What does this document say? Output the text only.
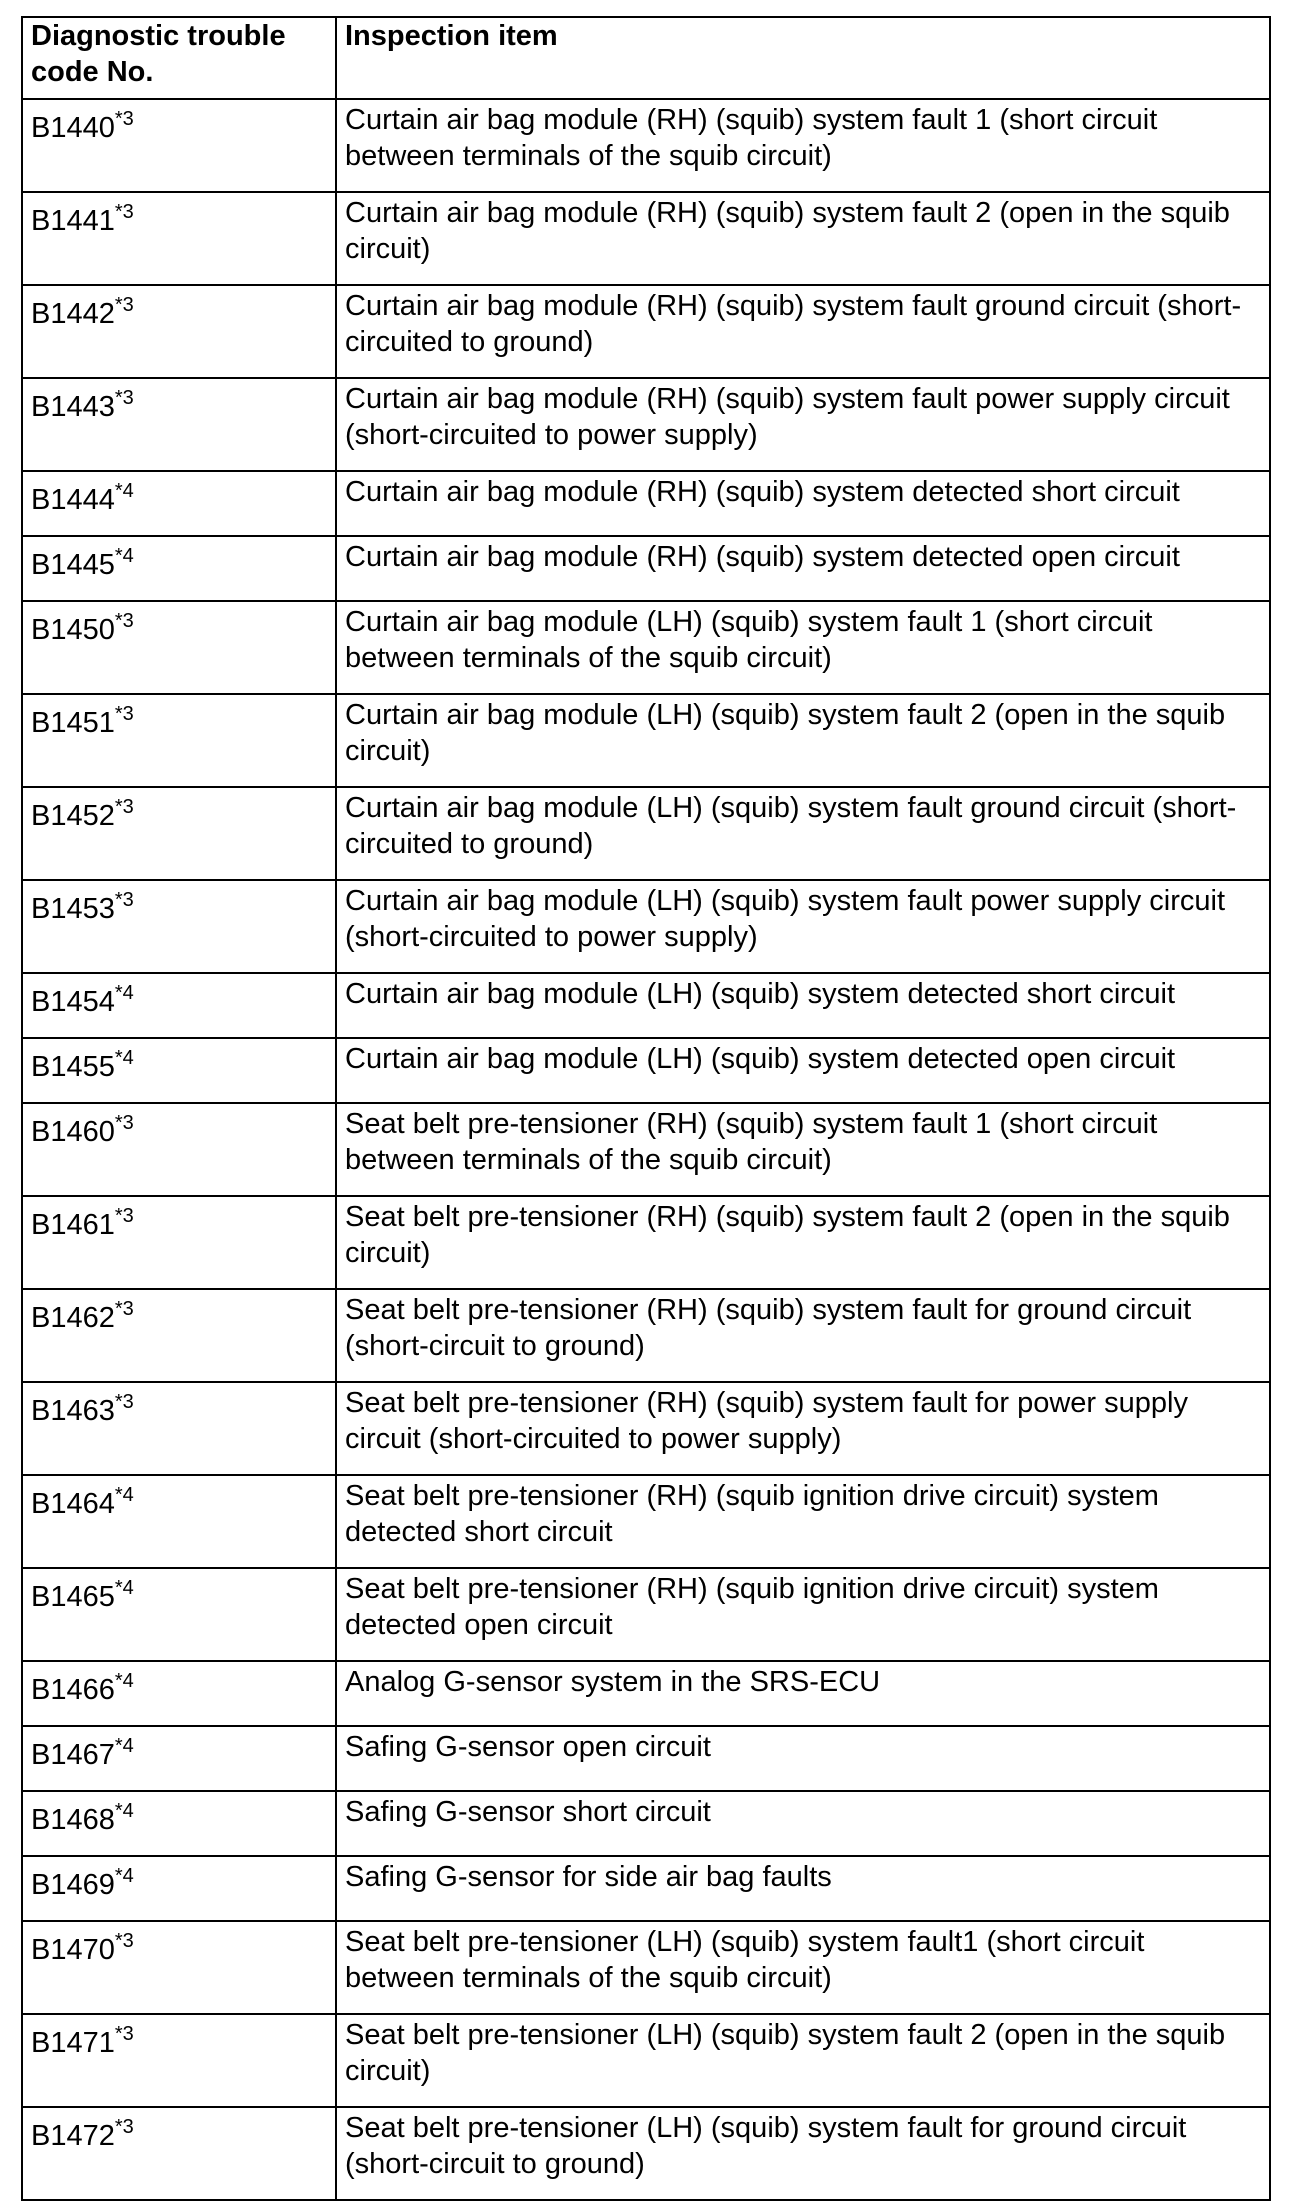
Diagnostic trouble code No.	Inspection item
B1440$^{*3}$	Curtain air bag module (RH) (squib) system fault 1 (short circuit between terminals of the squib circuit)
B1441$^{*3}$	Curtain air bag module (RH) (squib) system fault 2 (open in the squib circuit)
B1442$^{*3}$	Curtain air bag module (RH) (squib) system fault ground circuit (short-circuited to ground)
B1443$^{*3}$	Curtain air bag module (RH) (squib) system fault power supply circuit (short-circuited to power supply)
B1444$^{*4}$	Curtain air bag module (RH) (squib) system detected short circuit
B1445$^{*4}$	Curtain air bag module (RH) (squib) system detected open circuit
B1450$^{*3}$	Curtain air bag module (LH) (squib) system fault 1 (short circuit between terminals of the squib circuit)
B1451$^{*3}$	Curtain air bag module (LH) (squib) system fault 2 (open in the squib circuit)
B1452$^{*3}$	Curtain air bag module (LH) (squib) system fault ground circuit (short-circuited to ground)
B1453$^{*3}$	Curtain air bag module (LH) (squib) system fault power supply circuit (short-circuited to power supply)
B1454$^{*4}$	Curtain air bag module (LH) (squib) system detected short circuit
B1455$^{*4}$	Curtain air bag module (LH) (squib) system detected open circuit
B1460$^{*3}$	Seat belt pre-tensioner (RH) (squib) system fault 1 (short circuit between terminals of the squib circuit)
B1461$^{*3}$	Seat belt pre-tensioner (RH) (squib) system fault 2 (open in the squib circuit)
B1462$^{*3}$	Seat belt pre-tensioner (RH) (squib) system fault for ground circuit (short-circuit to ground)
B1463$^{*3}$	Seat belt pre-tensioner (RH) (squib) system fault for power supply circuit (short-circuited to power supply)
B1464$^{*4}$	Seat belt pre-tensioner (RH) (squib ignition drive circuit) system detected short circuit
B1465$^{*4}$	Seat belt pre-tensioner (RH) (squib ignition drive circuit) system detected open circuit
B1466$^{*4}$	Analog G-sensor system in the SRS-ECU
B1467$^{*4}$	Safing G-sensor open circuit
B1468$^{*4}$	Safing G-sensor short circuit
B1469$^{*4}$	Safing G-sensor for side air bag faults
B1470$^{*3}$	Seat belt pre-tensioner (LH) (squib) system fault1 (short circuit between terminals of the squib circuit)
B1471$^{*3}$	Seat belt pre-tensioner (LH) (squib) system fault 2 (open in the squib circuit)
B1472$^{*3}$	Seat belt pre-tensioner (LH) (squib) system fault for ground circuit (short-circuit to ground)
